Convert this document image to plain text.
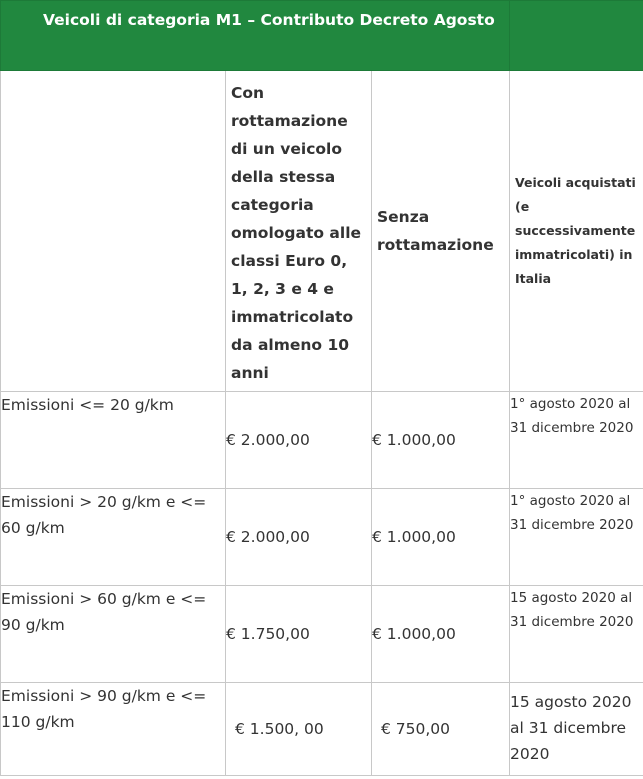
Veicoli di categoria M1 – Contributo Decreto Agosto			
	Con rottamazione di un veicolo della stessa categoria omologato alle classi Euro 0, 1, 2, 3 e 4 e immatricolato da almeno 10 anni	Senza rottamazione	Veicoli acquistati (e successivamente immatricolati) in Italia
Emissioni <= 20 g/km	€ 2.000,00	€ 1.000,00	1° agosto 2020 al 31 dicembre 2020
Emissioni > 20 g/km e <= 60 g/km	€ 2.000,00	€ 1.000,00	1° agosto 2020 al 31 dicembre 2020
Emissioni > 60 g/km e <= 90 g/km	€ 1.750,00	€ 1.000,00	15 agosto 2020 al 31 dicembre 2020
Emissioni > 90 g/km e <= 110 g/km	€ 1.500, 00	€ 750,00	15 agosto 2020 al 31 dicembre 2020
